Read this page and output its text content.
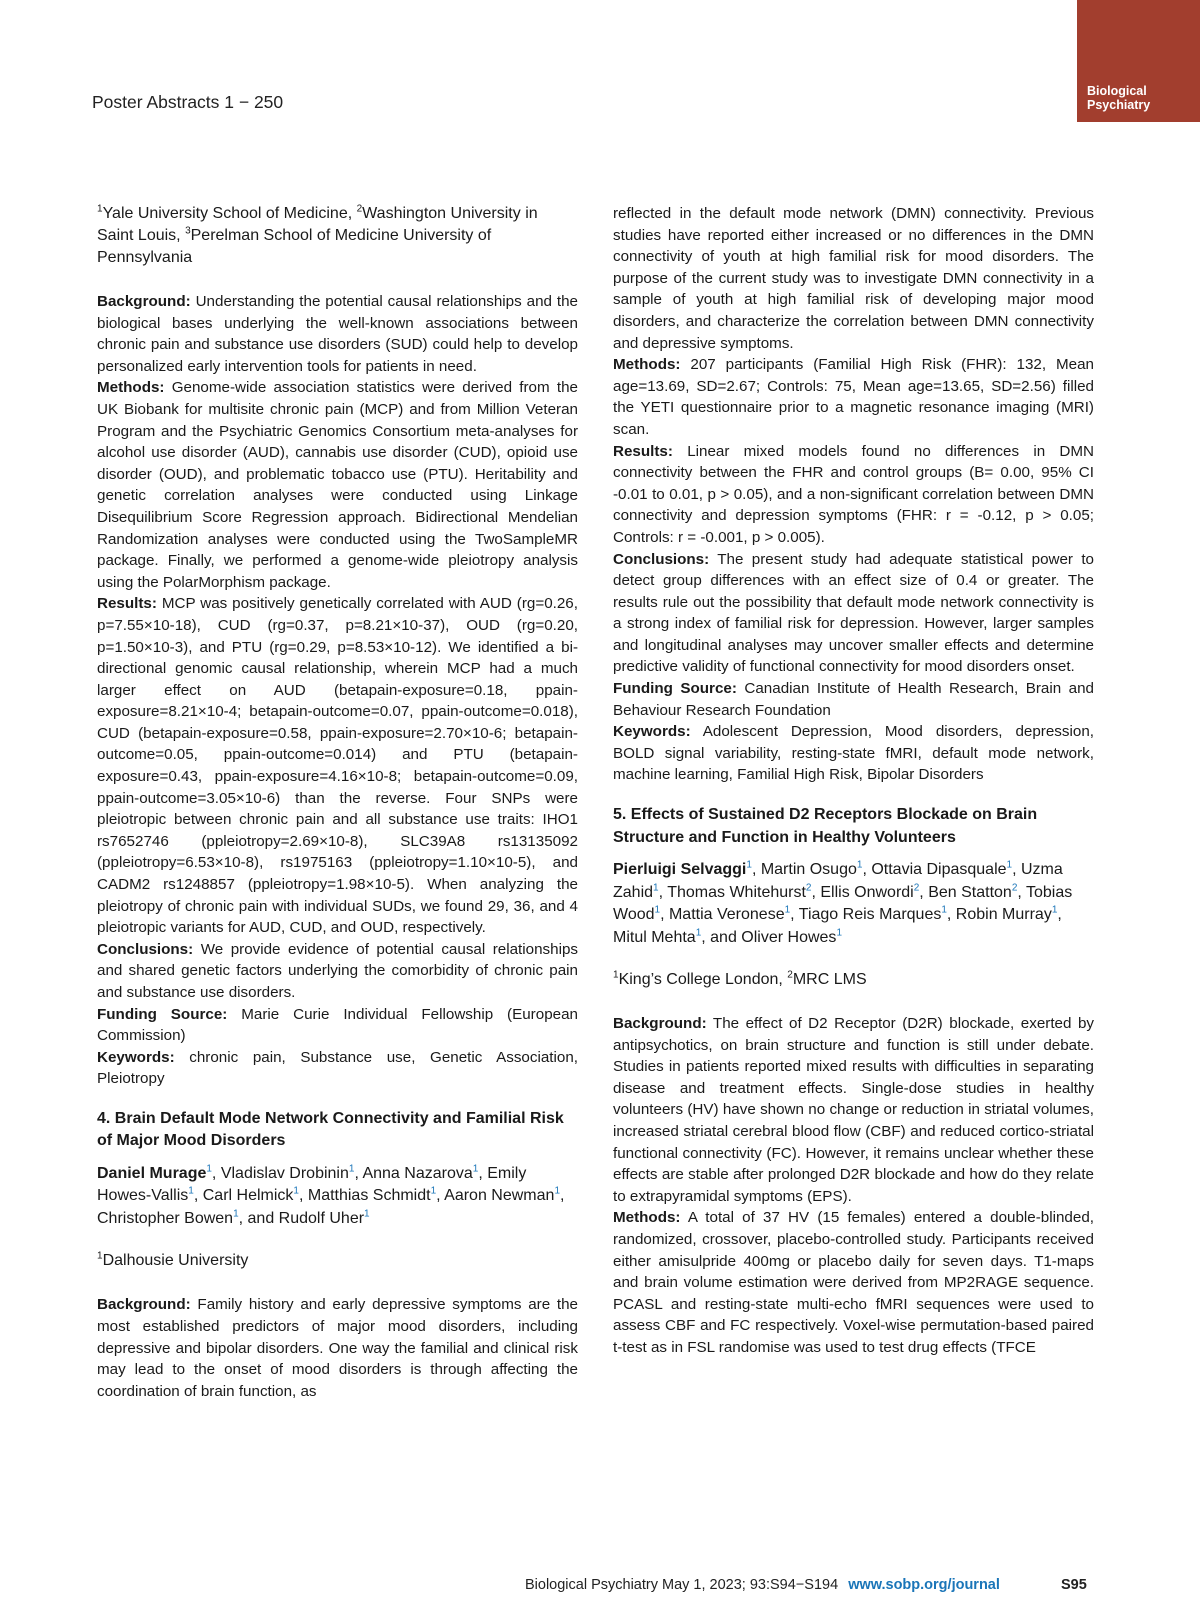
Biological
Psychiatry
Poster Abstracts 1 − 250

$^1$Yale University School of Medicine, $^2$Washington University in Saint Louis, $^3$Perelman School of Medicine University of Pennsylvania

Background: Understanding the potential causal relationships and the biological bases underlying the well-known associations between chronic pain and substance use disorders (SUD) could help to develop personalized early intervention tools for patients in need.

Methods: Genome-wide association statistics were derived from the UK Biobank for multisite chronic pain (MCP) and from Million Veteran Program and the Psychiatric Genomics Consortium meta-analyses for alcohol use disorder (AUD), cannabis use disorder (CUD), opioid use disorder (OUD), and problematic tobacco use (PTU). Heritability and genetic correlation analyses were conducted using Linkage Disequilibrium Score Regression approach. Bidirectional Mendelian Randomization analyses were conducted using the TwoSampleMR package. Finally, we performed a genome-wide pleiotropy analysis using the PolarMorphism package.

Results: MCP was positively genetically correlated with AUD (rg=0.26, p=7.55×10-18), CUD (rg=0.37, p=8.21×10-37), OUD (rg=0.20, p=1.50×10-3), and PTU (rg=0.29, p=8.53×10-12). We identified a bi-directional genomic causal relationship, wherein MCP had a much larger effect on AUD (betapain-exposure=0.18, ppain-exposure=8.21×10-4; betapain-outcome=0.07, ppain-outcome=0.018), CUD (betapain-exposure=0.58, ppain-exposure=2.70×10-6; betapain-outcome=0.05, ppain-outcome=0.014) and PTU (betapain-exposure=0.43, ppain-exposure=4.16×10-8; betapain-outcome=0.09, ppain-outcome=3.05×10-6) than the reverse. Four SNPs were pleiotropic between chronic pain and all substance use traits: IHO1 rs7652746 (ppleiotropy=2.69×10-8), SLC39A8 rs13135092 (ppleiotropy=6.53×10-8), rs1975163 (ppleiotropy=1.10×10-5), and CADM2 rs1248857 (ppleiotropy=1.98×10-5). When analyzing the pleiotropy of chronic pain with individual SUDs, we found 29, 36, and 4 pleiotropic variants for AUD, CUD, and OUD, respectively.

Conclusions: We provide evidence of potential causal relationships and shared genetic factors underlying the comorbidity of chronic pain and substance use disorders.

Funding Source: Marie Curie Individual Fellowship (European Commission)

Keywords: chronic pain, Substance use, Genetic Association, Pleiotropy

4. Brain Default Mode Network Connectivity and Familial Risk of Major Mood Disorders

Daniel Murage$^1$, Vladislav Drobinin$^1$, Anna Nazarova$^1$, Emily Howes-Vallis$^1$, Carl Helmick$^1$, Matthias Schmidt$^1$, Aaron Newman$^1$, Christopher Bowen$^1$, and Rudolf Uher$^1$

$^1$Dalhousie University

Background: Family history and early depressive symptoms are the most established predictors of major mood disorders, including depressive and bipolar disorders. One way the familial and clinical risk may lead to the onset of mood disorders is through affecting the coordination of brain function, as

reflected in the default mode network (DMN) connectivity. Previous studies have reported either increased or no differences in the DMN connectivity of youth at high familial risk for mood disorders. The purpose of the current study was to investigate DMN connectivity in a sample of youth at high familial risk of developing major mood disorders, and characterize the correlation between DMN connectivity and depressive symptoms.

Methods: 207 participants (Familial High Risk (FHR): 132, Mean age=13.69, SD=2.67; Controls: 75, Mean age=13.65, SD=2.56) filled the YETI questionnaire prior to a magnetic resonance imaging (MRI) scan.

Results: Linear mixed models found no differences in DMN connectivity between the FHR and control groups (B= 0.00, 95% CI -0.01 to 0.01, p > 0.05), and a non-significant correlation between DMN connectivity and depression symptoms (FHR: r = -0.12, p > 0.05; Controls: r = -0.001, p > 0.005).

Conclusions: The present study had adequate statistical power to detect group differences with an effect size of 0.4 or greater. The results rule out the possibility that default mode network connectivity is a strong index of familial risk for depression. However, larger samples and longitudinal analyses may uncover smaller effects and determine predictive validity of functional connectivity for mood disorders onset.

Funding Source: Canadian Institute of Health Research, Brain and Behaviour Research Foundation

Keywords: Adolescent Depression, Mood disorders, depression, BOLD signal variability, resting-state fMRI, default mode network, machine learning, Familial High Risk, Bipolar Disorders

5. Effects of Sustained D2 Receptors Blockade on Brain Structure and Function in Healthy Volunteers

Pierluigi Selvaggi$^1$, Martin Osugo$^1$, Ottavia Dipasquale$^1$, Uzma Zahid$^1$, Thomas Whitehurst$^2$, Ellis Onwordi$^2$, Ben Statton$^2$, Tobias Wood$^1$, Mattia Veronese$^1$, Tiago Reis Marques$^1$, Robin Murray$^1$, Mitul Mehta$^1$, and Oliver Howes$^1$

$^1$King’s College London, $^2$MRC LMS

Background: The effect of D2 Receptor (D2R) blockade, exerted by antipsychotics, on brain structure and function is still under debate. Studies in patients reported mixed results with difficulties in separating disease and treatment effects. Single-dose studies in healthy volunteers (HV) have shown no change or reduction in striatal volumes, increased striatal cerebral blood flow (CBF) and reduced cortico-striatal functional connectivity (FC). However, it remains unclear whether these effects are stable after prolonged D2R blockade and how do they relate to extrapyramidal symptoms (EPS).

Methods: A total of 37 HV (15 females) entered a double-blinded, randomized, crossover, placebo-controlled study. Participants received either amisulpride 400mg or placebo daily for seven days. T1-maps and brain volume estimation were derived from MP2RAGE sequence. PCASL and resting-state multi-echo fMRI sequences were used to assess CBF and FC respectively. Voxel-wise permutation-based paired t-test as in FSL randomise was used to test drug effects (TFCE

Biological Psychiatry May 1, 2023; 93:S94−S194 www.sobp.org/journal	S95
